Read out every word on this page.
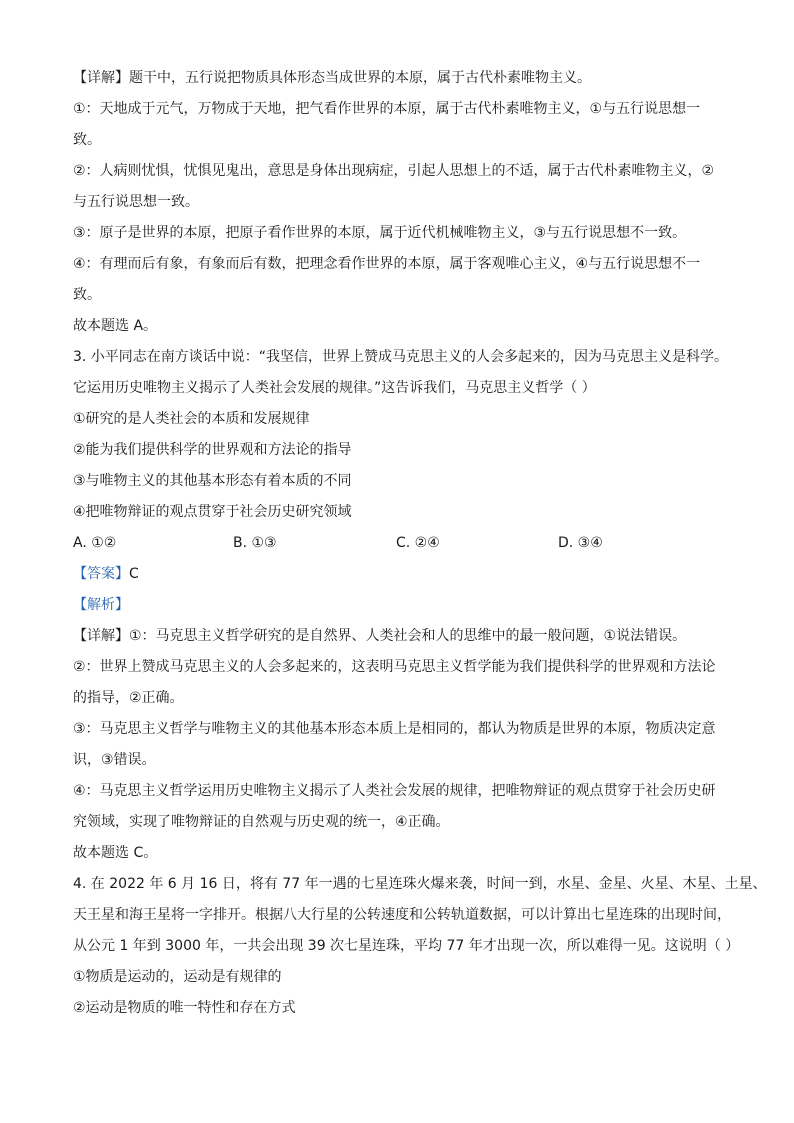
【详解】题干中，五行说把物质具体形态当成世界的本原，属于古代朴素唯物主义。
①：天地成于元气，万物成于天地，把气看作世界的本原，属于古代朴素唯物主义，①与五行说思想一
致。
②：人病则忧惧，忧惧见鬼出，意思是身体出现病症，引起人思想上的不适，属于古代朴素唯物主义，②
与五行说思想一致。
③：原子是世界的本原，把原子看作世界的本原，属于近代机械唯物主义，③与五行说思想不一致。
④：有理而后有象，有象而后有数，把理念看作世界的本原，属于客观唯心主义，④与五行说思想不一
致。
故本题选 A。
3. 小平同志在南方谈话中说：“我坚信，世界上赞成马克思主义的人会多起来的，因为马克思主义是科学。
它运用历史唯物主义揭示了人类社会发展的规律。”这告诉我们，马克思主义哲学（ ）
①研究的是人类社会的本质和发展规律
②能为我们提供科学的世界观和方法论的指导
③与唯物主义的其他基本形态有着本质的不同
④把唯物辩证的观点贯穿于社会历史研究领域
A. ①②	B. ①③	C. ②④	D. ③④
【答案】C
【解析】
【详解】①：马克思主义哲学研究的是自然界、人类社会和人的思维中的最一般问题，①说法错误。
②：世界上赞成马克思主义的人会多起来的，这表明马克思主义哲学能为我们提供科学的世界观和方法论
的指导，②正确。
③：马克思主义哲学与唯物主义的其他基本形态本质上是相同的，都认为物质是世界的本原，物质决定意
识，③错误。
④：马克思主义哲学运用历史唯物主义揭示了人类社会发展的规律，把唯物辩证的观点贯穿于社会历史研
究领域，实现了唯物辩证的自然观与历史观的统一，④正确。
故本题选 C。
4. 在 2022 年 6 月 16 日，将有 77 年一遇的七星连珠火爆来袭，时间一到，水星、金星、火星、木星、土星、
天王星和海王星将一字排开。根据八大行星的公转速度和公转轨道数据，可以计算出七星连珠的出现时间，
从公元 1 年到 3000 年，一共会出现 39 次七星连珠，平均 77 年才出现一次，所以难得一见。这说明（ ）
①物质是运动的，运动是有规律的
②运动是物质的唯一特性和存在方式
